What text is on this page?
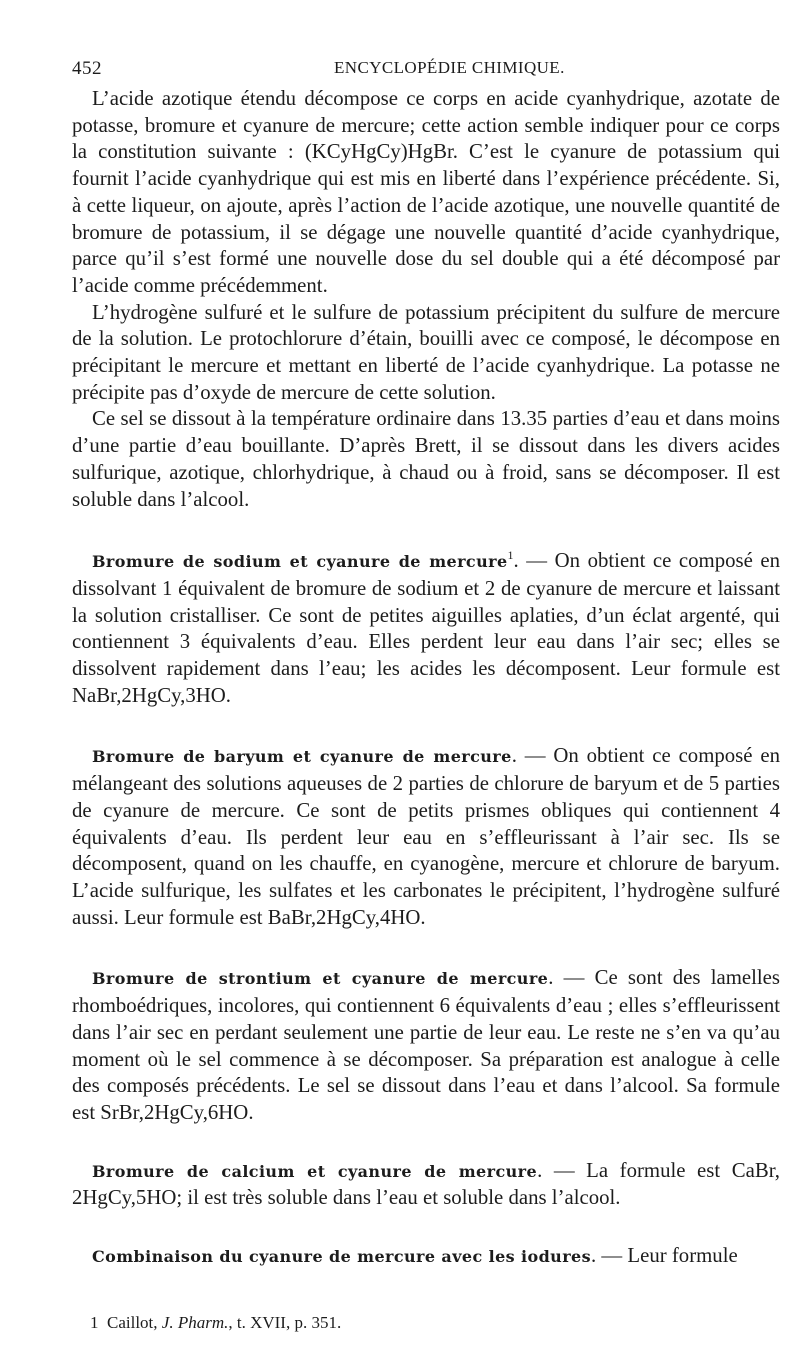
452	ENCYCLOPÉDIE CHIMIQUE.

L’acide azotique étendu décompose ce corps en acide cyanhydrique, azotate de potasse, bromure et cyanure de mercure; cette action semble indiquer pour ce corps la constitution suivante : (KCyHgCy)HgBr. C’est le cyanure de potassium qui fournit l’acide cyanhydrique qui est mis en liberté dans l’expérience précédente. Si, à cette liqueur, on ajoute, après l’action de l’acide azotique, une nouvelle quantité de bromure de potassium, il se dégage une nouvelle quantité d’acide cyanhydrique, parce qu’il s’est formé une nouvelle dose du sel double qui a été décomposé par l’acide comme précédemment.

L’hydrogène sulfuré et le sulfure de potassium précipitent du sulfure de mercure de la solution. Le protochlorure d’étain, bouilli avec ce composé, le décompose en précipitant le mercure et mettant en liberté de l’acide cyanhydrique. La potasse ne précipite pas d’oxyde de mercure de cette solution.

Ce sel se dissout à la température ordinaire dans 13.35 parties d’eau et dans moins d’une partie d’eau bouillante. D’après Brett, il se dissout dans les divers acides sulfurique, azotique, chlorhydrique, à chaud ou à froid, sans se décomposer. Il est soluble dans l’alcool.

Bromure de sodium et cyanure de mercure$^1$. — On obtient ce composé en dissolvant 1 équivalent de bromure de sodium et 2 de cyanure de mercure et laissant la solution cristalliser. Ce sont de petites aiguilles aplaties, d’un éclat argenté, qui contiennent 3 équivalents d’eau. Elles perdent leur eau dans l’air sec; elles se dissolvent rapidement dans l’eau; les acides les décomposent. Leur formule est NaBr,2HgCy,3HO.

Bromure de baryum et cyanure de mercure. — On obtient ce composé en mélangeant des solutions aqueuses de 2 parties de chlorure de baryum et de 5 parties de cyanure de mercure. Ce sont de petits prismes obliques qui contiennent 4 équivalents d’eau. Ils perdent leur eau en s’effleurissant à l’air sec. Ils se décomposent, quand on les chauffe, en cyanogène, mercure et chlorure de baryum. L’acide sulfurique, les sulfates et les carbonates le précipitent, l’hydrogène sulfuré aussi. Leur formule est BaBr,2HgCy,4HO.

Bromure de strontium et cyanure de mercure. — Ce sont des lamelles rhomboédriques, incolores, qui contiennent 6 équivalents d’eau ; elles s’effleurissent dans l’air sec en perdant seulement une partie de leur eau. Le reste ne s’en va qu’au moment où le sel commence à se décomposer. Sa préparation est analogue à celle des composés précédents. Le sel se dissout dans l’eau et dans l’alcool. Sa formule est SrBr,2HgCy,6HO.

Bromure de calcium et cyanure de mercure. — La formule est CaBr, 2HgCy,5HO; il est très soluble dans l’eau et soluble dans l’alcool.

Combinaison du cyanure de mercure avec les iodures. — Leur formule

1 Caillot, J. Pharm., t. XVII, p. 351.
